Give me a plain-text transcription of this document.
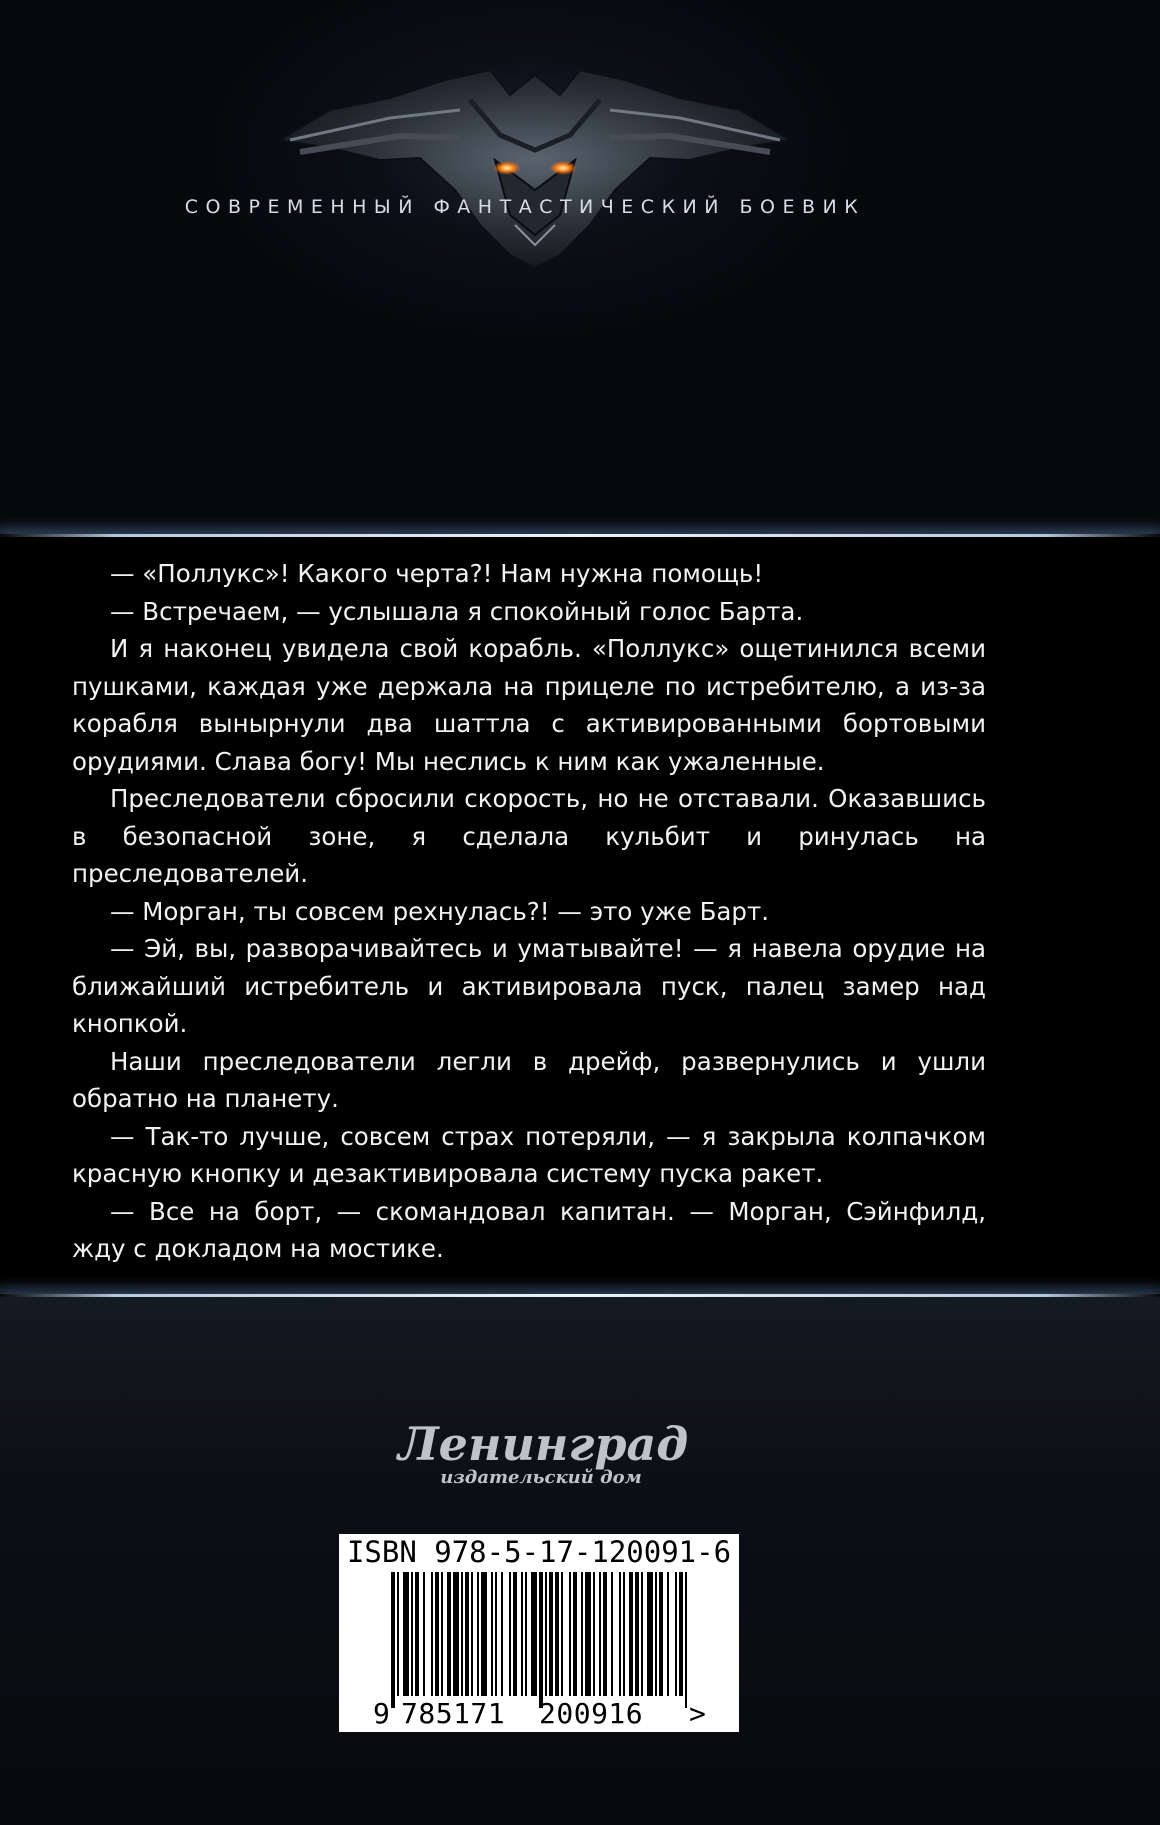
СОВРЕМЕННЫЙ ФАНТАСТИЧЕСКИЙ БОЕВИК

— «Поллукс»! Какого черта?! Нам нужна помощь!

— Встречаем, — услышала я спокойный голос Барта.

И я наконец увидела свой корабль. «Поллукс» ощетинился всеми пушками, каждая уже держала на прицеле по истребителю, а из-за корабля вынырнули два шаттла с активированными бортовыми орудиями. Слава богу! Мы неслись к ним как ужаленные.

Преследователи сбросили скорость, но не отставали. Оказавшись в безопасной зоне, я сделала кульбит и ринулась на преследователей.

— Морган, ты совсем рехнулась?! — это уже Барт.

— Эй, вы, разворачивайтесь и уматывайте! — я навела орудие на ближайший истребитель и активировала пуск, палец замер над кнопкой.

Наши преследователи легли в дрейф, развернулись и ушли обратно на планету.

— Так-то лучше, совсем страх потеряли, — я закрыла колпачком красную кнопку и дезактивировала систему пуска ракет.

— Все на борт, — скомандовал капитан. — Морган, Сэйнфилд, жду с докладом на мостике.

Ленинград
издательский дом
ISBN 978-5-17-120091-6
9 785171 200916 >
